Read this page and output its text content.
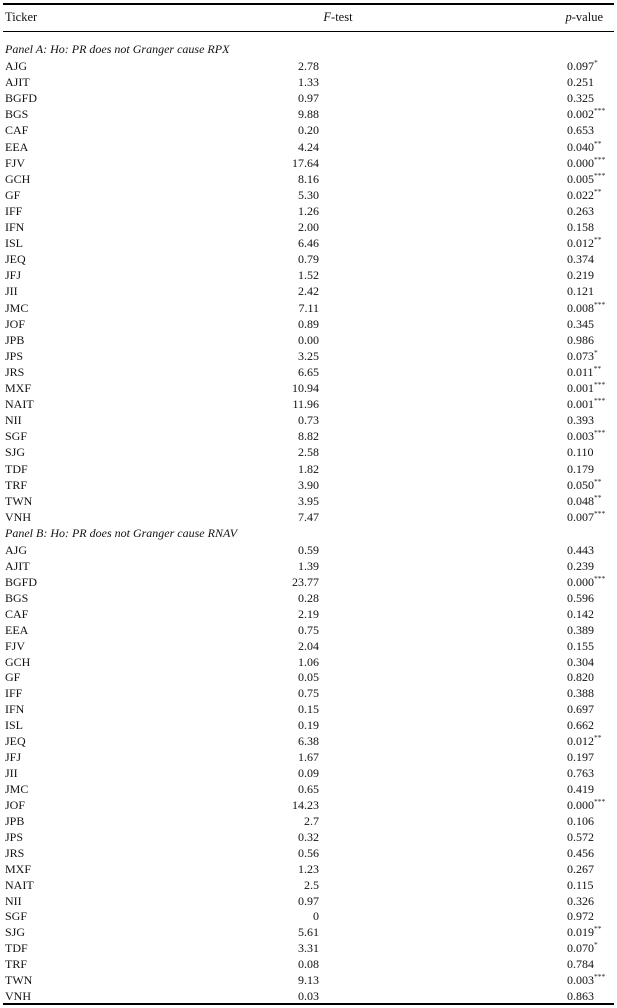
Ticker	F-test	p-value
Panel A: Ho: PR does not Granger cause RPX
AJG	2.78	0.097*
AJIT	1.33	0.251
BGFD	0.97	0.325
BGS	9.88	0.002***
CAF	0.20	0.653
EEA	4.24	0.040**
FJV	17.64	0.000***
GCH	8.16	0.005***
GF	5.30	0.022**
IFF	1.26	0.263
IFN	2.00	0.158
ISL	6.46	0.012**
JEQ	0.79	0.374
JFJ	1.52	0.219
JII	2.42	0.121
JMC	7.11	0.008***
JOF	0.89	0.345
JPB	0.00	0.986
JPS	3.25	0.073*
JRS	6.65	0.011**
MXF	10.94	0.001***
NAIT	11.96	0.001***
NII	0.73	0.393
SGF	8.82	0.003***
SJG	2.58	0.110
TDF	1.82	0.179
TRF	3.90	0.050**
TWN	3.95	0.048**
VNH	7.47	0.007***
Panel B: Ho: PR does not Granger cause RNAV
AJG	0.59	0.443
AJIT	1.39	0.239
BGFD	23.77	0.000***
BGS	0.28	0.596
CAF	2.19	0.142
EEA	0.75	0.389
FJV	2.04	0.155
GCH	1.06	0.304
GF	0.05	0.820
IFF	0.75	0.388
IFN	0.15	0.697
ISL	0.19	0.662
JEQ	6.38	0.012**
JFJ	1.67	0.197
JII	0.09	0.763
JMC	0.65	0.419
JOF	14.23	0.000***
JPB	2.7	0.106
JPS	0.32	0.572
JRS	0.56	0.456
MXF	1.23	0.267
NAIT	2.5	0.115
NII	0.97	0.326
SGF	0	0.972
SJG	5.61	0.019**
TDF	3.31	0.070*
TRF	0.08	0.784
TWN	9.13	0.003***
VNH	0.03	0.863
